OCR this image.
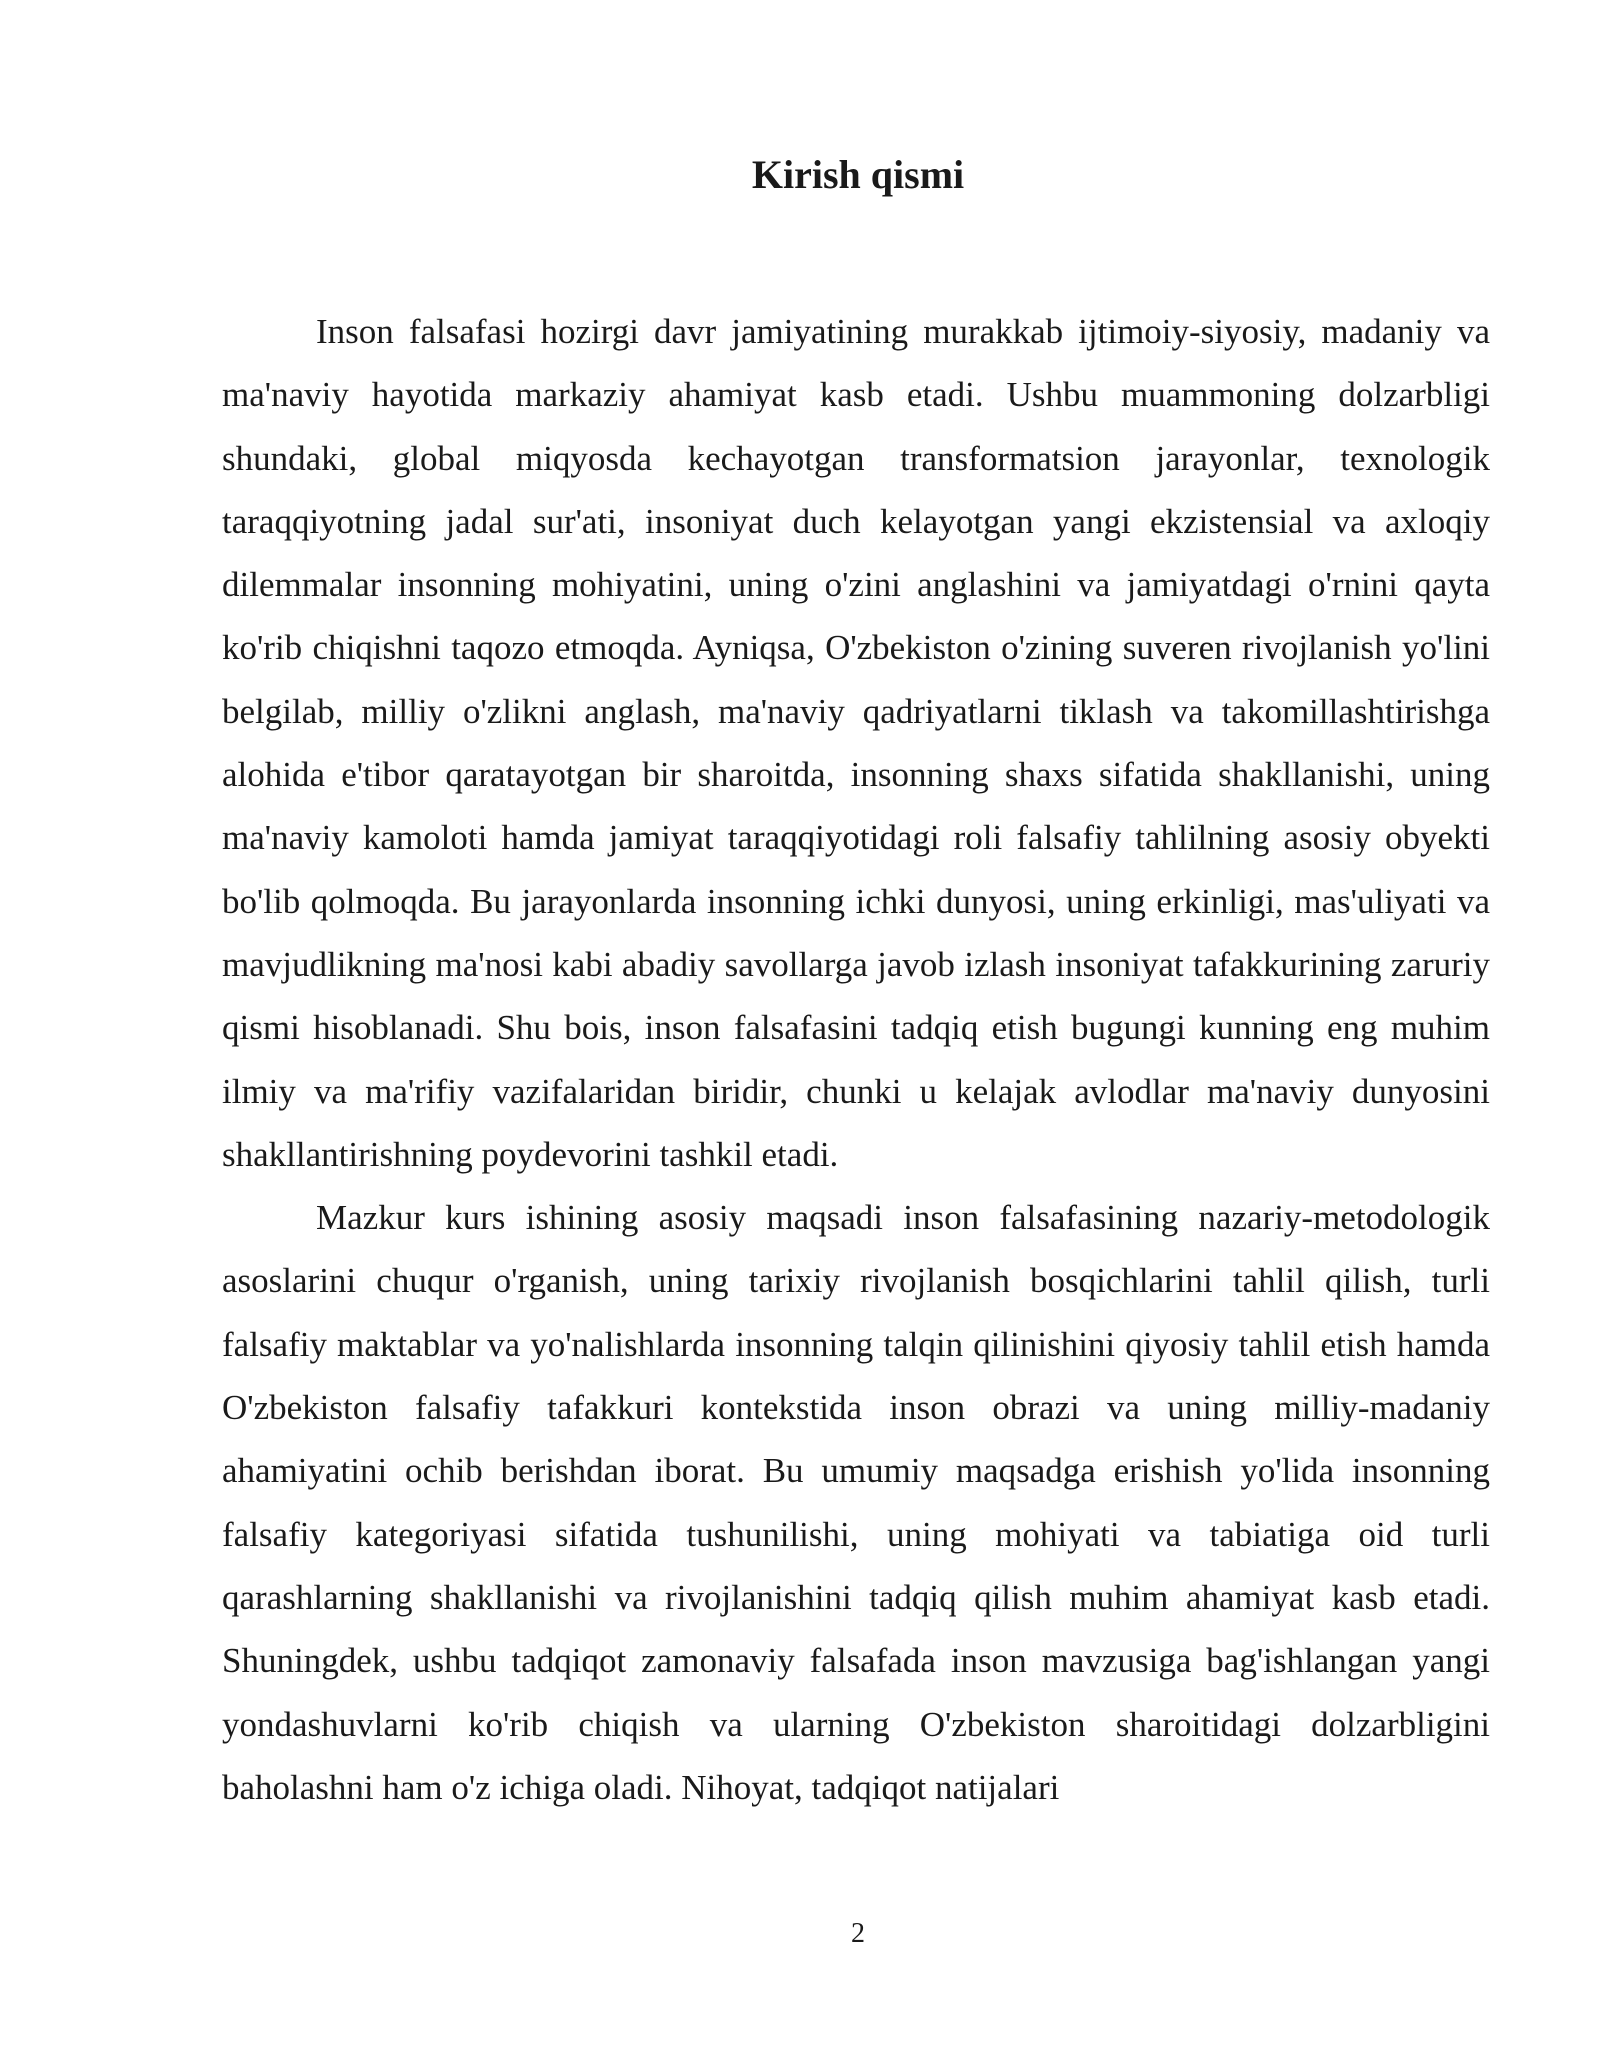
Kirish qismi

Inson falsafasi hozirgi davr jamiyatining murakkab ijtimoiy-siyosiy, madaniy va ma'naviy hayotida markaziy ahamiyat kasb etadi. Ushbu muammoning dolzarbligi shundaki, global miqyosda kechayotgan transformatsion jarayonlar, texnologik taraqqiyotning jadal sur'ati, insoniyat duch kelayotgan yangi ekzistensial va axloqiy dilemmalar insonning mohiyatini, uning o'zini anglashini va jamiyatdagi o'rnini qayta ko'rib chiqishni taqozo etmoqda. Ayniqsa, O'zbekiston o'zining suveren rivojlanish yo'lini belgilab, milliy o'zlikni anglash, ma'naviy qadriyatlarni tiklash va takomillashtirishga alohida e'tibor qaratayotgan bir sharoitda, insonning shaxs sifatida shakllanishi, uning ma'naviy kamoloti hamda jamiyat taraqqiyotidagi roli falsafiy tahlilning asosiy obyekti bo'lib qolmoqda. Bu jarayonlarda insonning ichki dunyosi, uning erkinligi, mas'uliyati va mavjudlikning ma'nosi kabi abadiy savollarga javob izlash insoniyat tafakkurining zaruriy qismi hisoblanadi. Shu bois, inson falsafasini tadqiq etish bugungi kunning eng muhim ilmiy va ma'rifiy vazifalaridan biridir, chunki u kelajak avlodlar ma'naviy dunyosini shakllantirishning poydevorini tashkil etadi.

Mazkur kurs ishining asosiy maqsadi inson falsafasining nazariy-metodologik asoslarini chuqur o'rganish, uning tarixiy rivojlanish bosqichlarini tahlil qilish, turli falsafiy maktablar va yo'nalishlarda insonning talqin qilinishini qiyosiy tahlil etish hamda O'zbekiston falsafiy tafakkuri kontekstida inson obrazi va uning milliy-madaniy ahamiyatini ochib berishdan iborat. Bu umumiy maqsadga erishish yo'lida insonning falsafiy kategoriyasi sifatida tushunilishi, uning mohiyati va tabiatiga oid turli qarashlarning shakllanishi va rivojlanishini tadqiq qilish muhim ahamiyat kasb etadi. Shuningdek, ushbu tadqiqot zamonaviy falsafada inson mavzusiga bag'ishlangan yangi yondashuvlarni ko'rib chiqish va ularning O'zbekiston sharoitidagi dolzarbligini baholashni ham o'z ichiga oladi. Nihoyat, tadqiqot natijalari

2
